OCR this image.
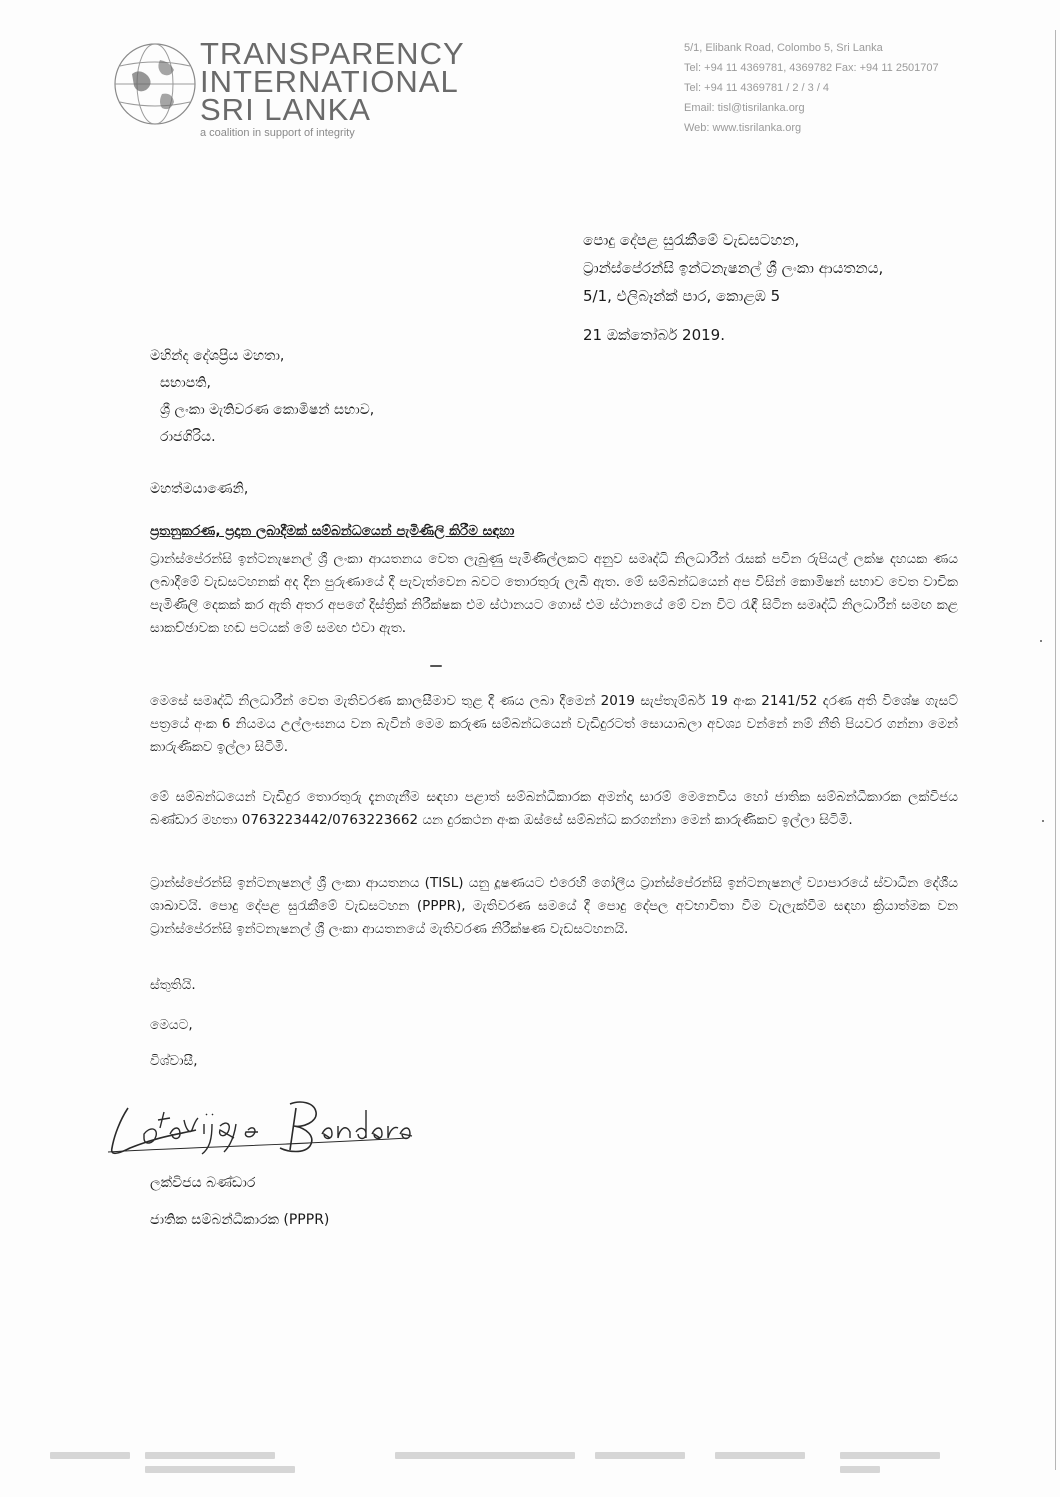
TRANSPARENCY
INTERNATIONAL
SRI LANKA
a coalition in support of integrity
5/1, Elibank Road, Colombo 5, Sri Lanka
Tel: +94 11 4369781, 4369782 Fax: +94 11 2501707
Tel: +94 11 4369781 / 2 / 3 / 4
Email: tisl@tisrilanka.org
Web: www.tisrilanka.org
පොදු දේපළ සුරැකීමේ වැඩසටහන,
ට්‍රාන්ස්පේරන්සි ඉන්ටනැෂනල් ශ්‍රී ලංකා ආයතනය,
5/1, එලිබෑන්ක් පාර, කොළඹ 5
21 ඔක්තෝබර් 2019.
මහින්ද දේශප්‍රිය මහතා,
සභාපති,
ශ්‍රී ලංකා මැතිවරණ කොමිෂන් සභාව,
රාජගිරිය.
මහත්මයාණෙනි,
ප්‍රතනුකරණ, ප්‍රදාන ලබාදීමක් සම්බන්ධයෙන් පැමිණිලි කිරීම සඳහා
ට්‍රාන්ස්පේරන්සි ඉන්ටනැෂනල් ශ්‍රී ලංකා ආයතනය වෙත ලැබුණු පැමිණිල්ලකට අනුව සමෘද්ධි නිලධාරීන් රැසක් පවින රුපියල් ලක්ෂ දහයක ණය ලබාදීමේ වැඩසටහනක් අද දින පුරුණායේ දී පැවැත්වෙන බවට තොරතුරු ලැබී ඇත. මේ සම්බන්ධයෙන් අප විසින් කොමිෂන් සභාව වෙත වාචික පැමිණිලි දෙකක් කර ඇති අතර අපගේ දිස්ත්‍රික් නිරීක්ෂක එම ස්ථානයට ගොස් එම ස්ථානයේ මේ වන විට රැඳී සිටින සමෘද්ධි නිලධාරීන් සමඟ කළ සාකච්ඡාවක හඬ පටයක් මේ සමඟ එවා ඇත.
මෙසේ සමෘද්ධි නිලධාරීන් වෙත මැතිවරණ කාලසීමාව තුළ දී ණය ලබා දීමෙන් 2019 සැප්තැම්බර් 19 අංක 2141/52 දරණ අති විශේෂ ගැසට් පත්‍රයේ අංක 6 නියමය උල්ලංඝනය වන බැවින් මෙම කරුණ සම්බන්ධයෙන් වැඩිදුරටත් සොයාබලා අවශ්‍ය වන්නේ නම් නීති පියවර ගන්නා මෙන් කාරුණිකව ඉල්ලා සිටිමි.
මේ සම්බන්ධයෙන් වැඩිදුර තොරතුරු දැනගැනීම සඳහා පළාත් සම්බන්ධීකාරක අමන්දා සාරම් මෙනෙවිය හෝ ජාතික සම්බන්ධීකාරක ලක්විජය බණ්ඩාර මහතා 0763223442/0763223662 යන දුරකථන අංක ඔස්සේ සම්බන්ධ කරගන්නා මෙන් කාරුණිකව ඉල්ලා සිටිමි.
ට්‍රාන්ස්පේරන්සි ඉන්ටනැෂනල් ශ්‍රී ලංකා ආයතනය (TISL) යනු දූෂණයට එරෙහි ගෝලීය ට්‍රාන්ස්පේරන්සි ඉන්ටනැෂනල් ව්‍යාපාරයේ ස්වාධීන දේශීය ශාඛාවයි. පොදු දේපළ සුරැකීමේ වැඩසටහන (PPPR), මැතිවරණ සමයේ දී පොදු දේපල අවභාවිතා වීම වැලැක්වීම සඳහා ක්‍රියාත්මක වන ට්‍රාන්ස්පේරන්සි ඉන්ටනැෂනල් ශ්‍රී ලංකා ආයතනයේ මැතිවරණ නිරීක්ෂණ වැඩසටහනයි.
ස්තුතියි.
මෙයට,
විශ්වාසී,
ලක්විජය බණ්ඩාර
ජාතික සම්බන්ධීකාරක (PPPR)
